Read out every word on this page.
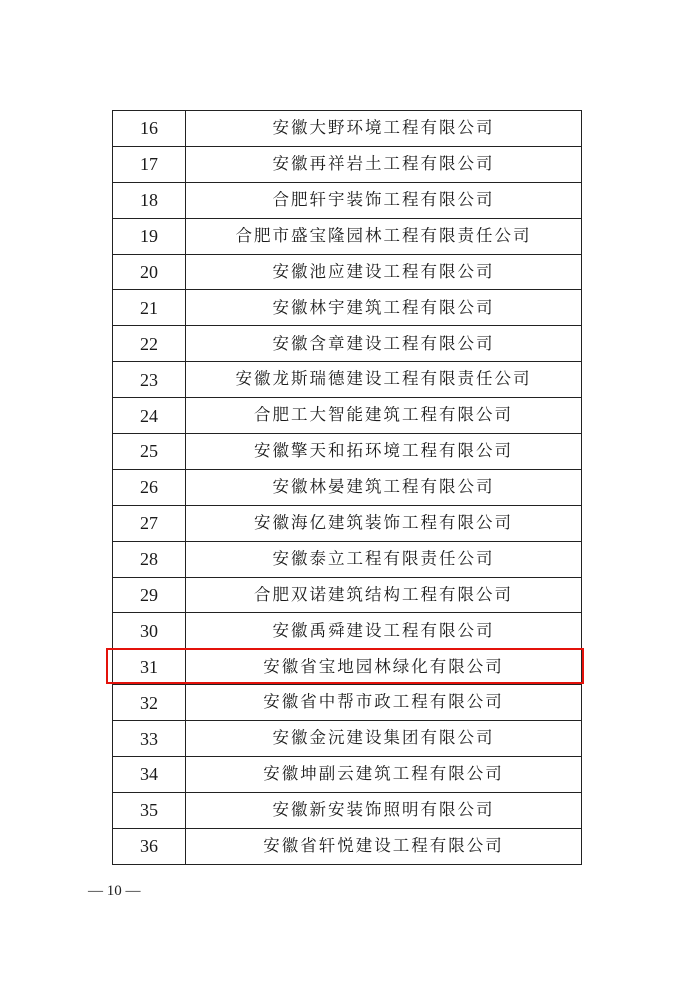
16	安徽大野环境工程有限公司
17	安徽再祥岩土工程有限公司
18	合肥轩宇装饰工程有限公司
19	合肥市盛宝隆园林工程有限责任公司
20	安徽池应建设工程有限公司
21	安徽林宇建筑工程有限公司
22	安徽含章建设工程有限公司
23	安徽龙斯瑞德建设工程有限责任公司
24	合肥工大智能建筑工程有限公司
25	安徽擎天和拓环境工程有限公司
26	安徽林晏建筑工程有限公司
27	安徽海亿建筑装饰工程有限公司
28	安徽泰立工程有限责任公司
29	合肥双诺建筑结构工程有限公司
30	安徽禹舜建设工程有限公司
31	安徽省宝地园林绿化有限公司
32	安徽省中帮市政工程有限公司
33	安徽金沅建设集团有限公司
34	安徽坤副云建筑工程有限公司
35	安徽新安装饰照明有限公司
36	安徽省轩悦建设工程有限公司
— 10 —
